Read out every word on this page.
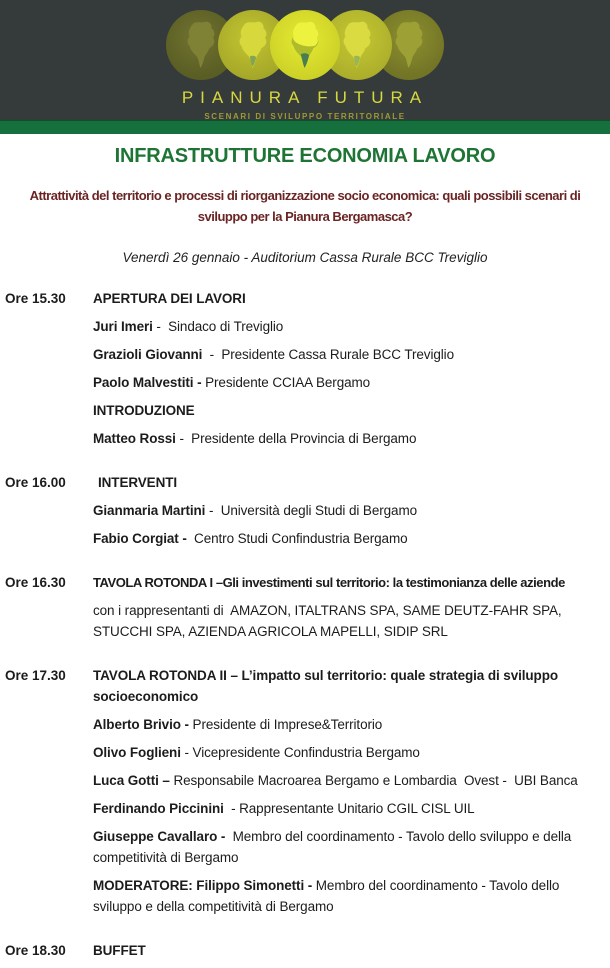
PIANURA FUTURA
SCENARI DI SVILUPPO TERRITORIALE
INFRASTRUTTURE ECONOMIA LAVORO
Attrattività del territorio e processi di riorganizzazione socio economica: quali possibili scenari di sviluppo per la Pianura Bergamasca?
Venerdì 26 gennaio - Auditorium Cassa Rurale BCC Treviglio
Ore 15.30	APERTURA DEI LAVORI

Juri Imeri -  Sindaco di Treviglio

Grazioli Giovanni  -  Presidente Cassa Rurale BCC Treviglio

Paolo Malvestiti - Presidente CCIAA Bergamo

INTRODUZIONE

Matteo Rossi -  Presidente della Provincia di Bergamo

Ore 16.00	INTERVENTI

Gianmaria Martini -  Università degli Studi di Bergamo

Fabio Corgiat -  Centro Studi Confindustria Bergamo

Ore 16.30	TAVOLA ROTONDA I –Gli investimenti sul territorio: la testimonianza delle aziende

con i rappresentanti di  AMAZON, ITALTRANS SPA, SAME DEUTZ-FAHR SPA, STUCCHI SPA, AZIENDA AGRICOLA MAPELLI, SIDIP SRL

Ore 17.30	TAVOLA ROTONDA II – L’impatto sul territorio: quale strategia di sviluppo socioeconomico

Alberto Brivio - Presidente di Imprese&Territorio

Olivo Foglieni - Vicepresidente Confindustria Bergamo

Luca Gotti – Responsabile Macroarea Bergamo e Lombardia  Ovest -  UBI Banca

Ferdinando Piccinini  - Rappresentante Unitario CGIL CISL UIL

Giuseppe Cavallaro -  Membro del coordinamento - Tavolo dello sviluppo e della competitività di Bergamo

MODERATORE: Filippo Simonetti - Membro del coordinamento - Tavolo dello sviluppo e della competitività di Bergamo

Ore 18.30	BUFFET
